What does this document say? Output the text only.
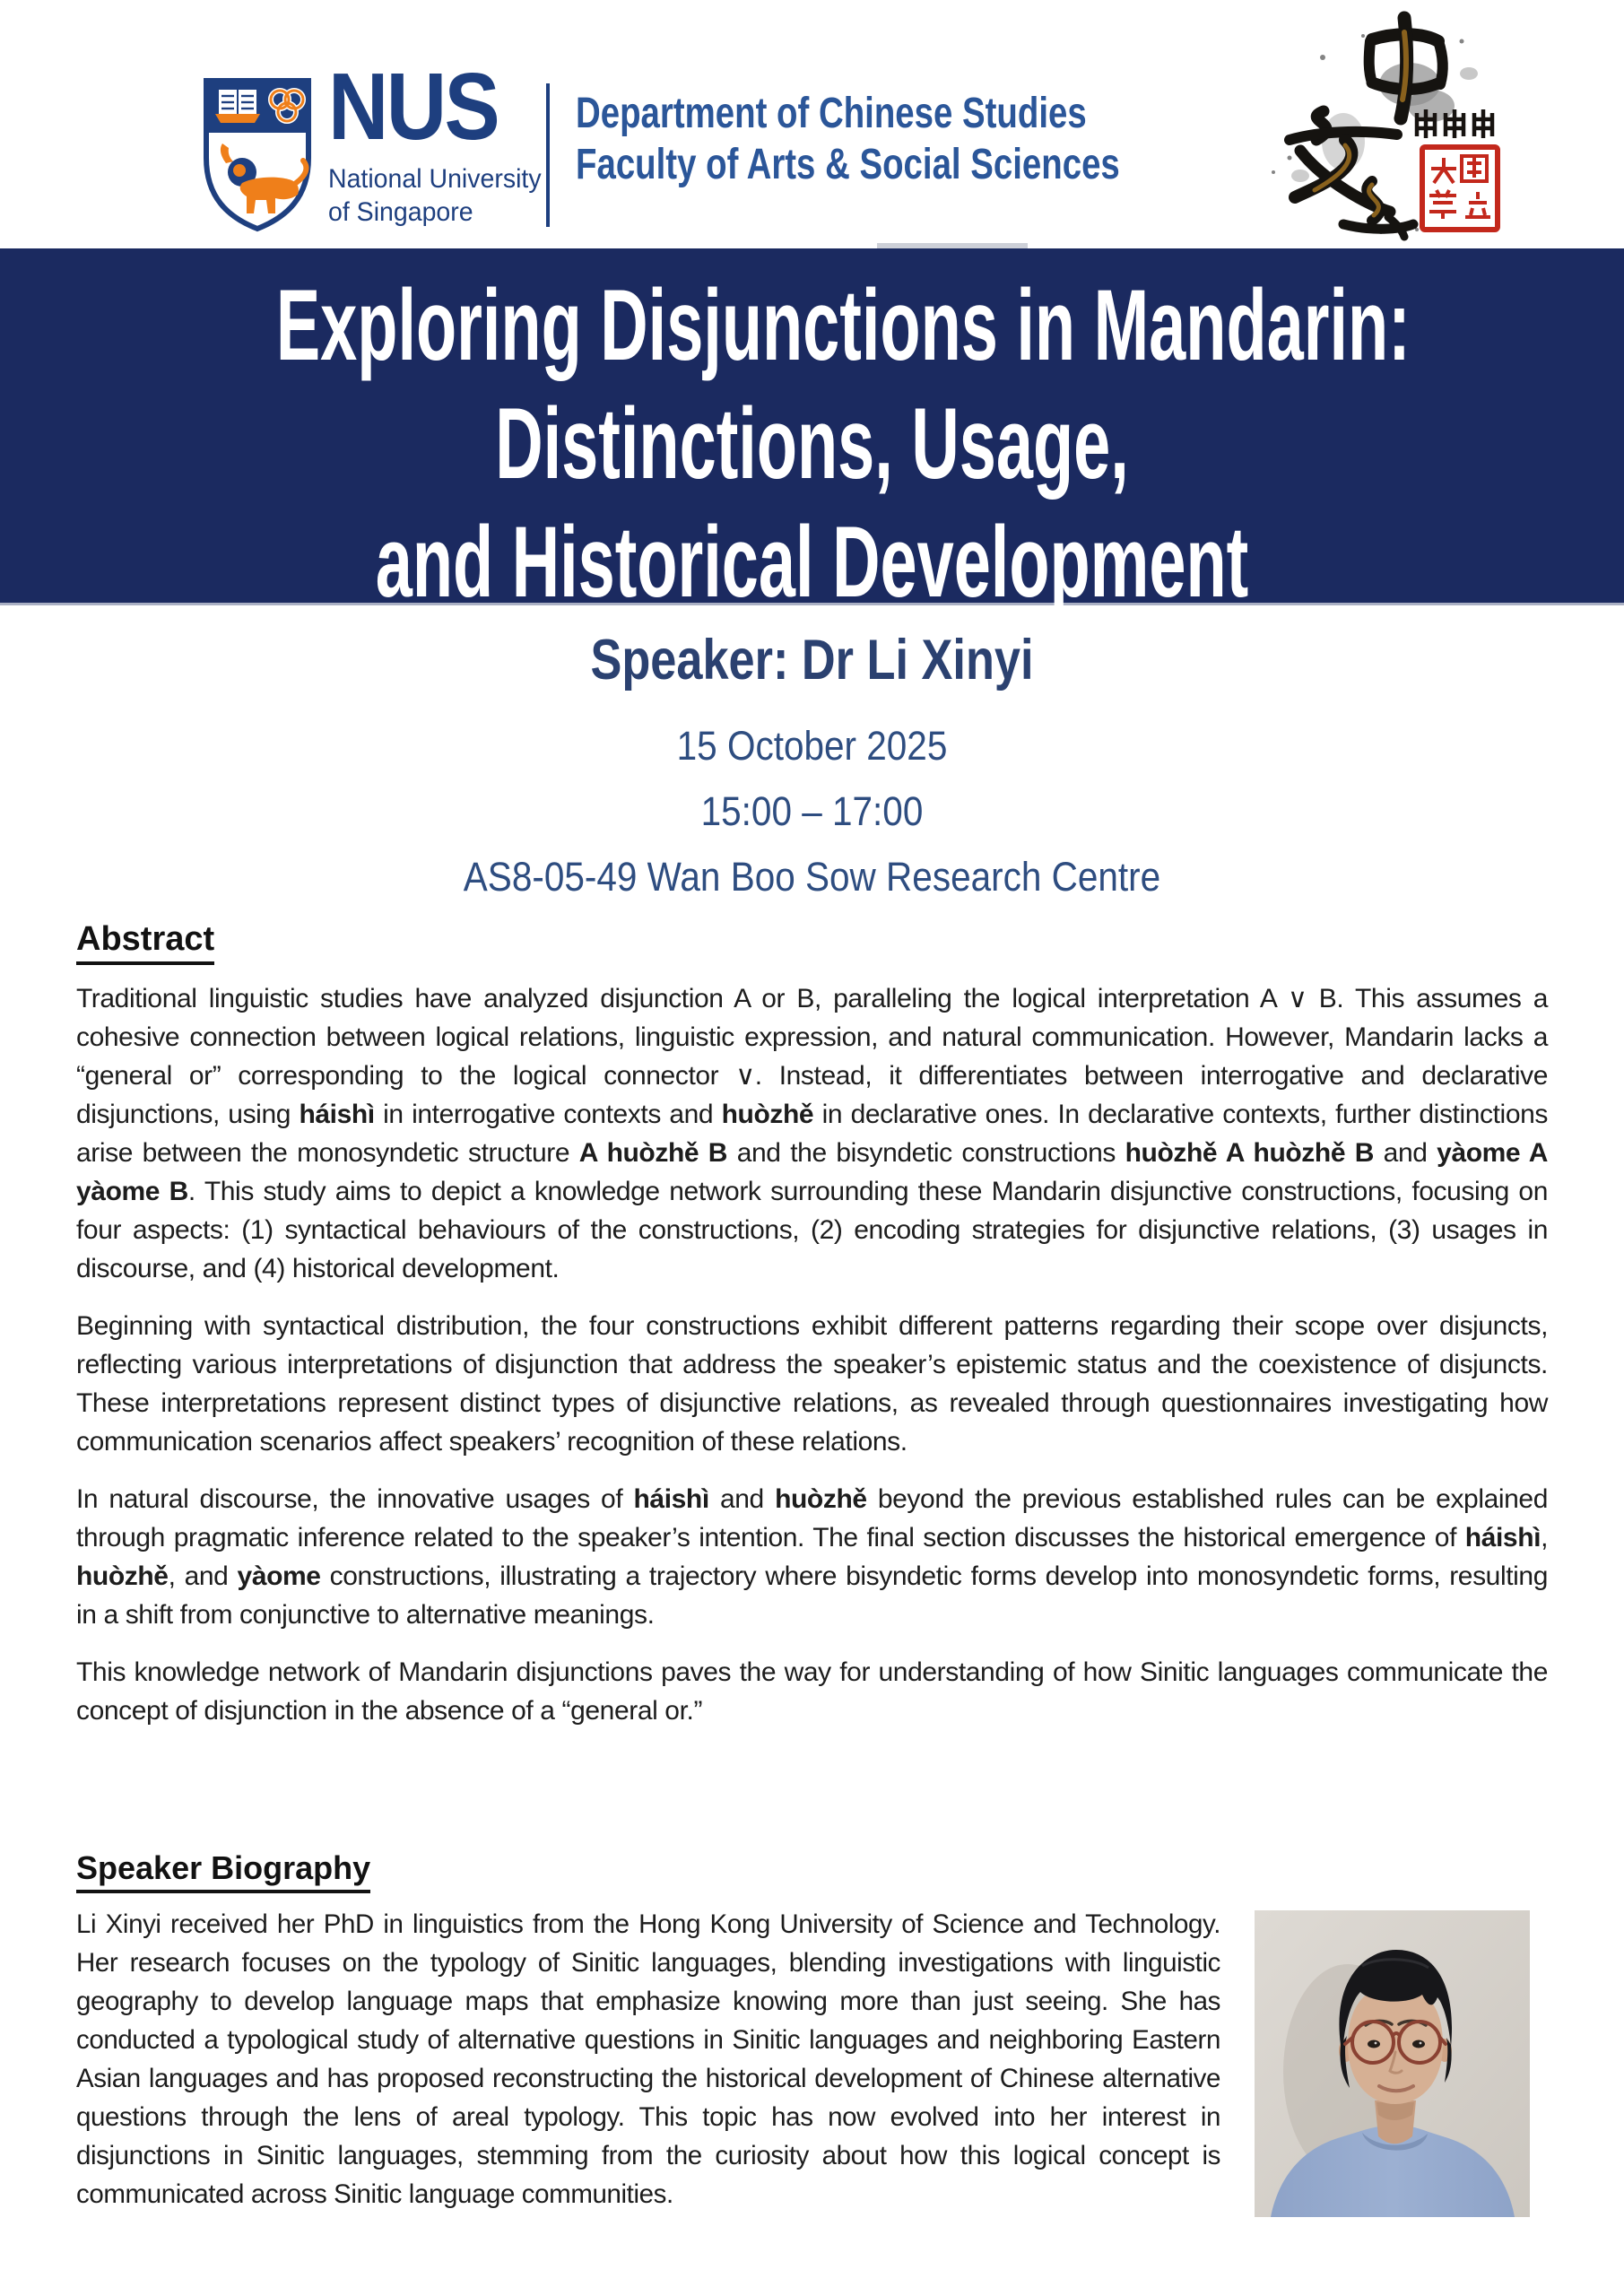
NUS
National University
of Singapore
Department of Chinese Studies
Faculty of Arts & Social Sciences
Exploring Disjunctions in Mandarin:
Distinctions, Usage,
and Historical Development
Speaker: Dr Li Xinyi
15 October 2025
15:00 – 17:00
AS8-05-49 Wan Boo Sow Research Centre
Abstract

Traditional linguistic studies have analyzed disjunction A or B, paralleling the logical interpretation A ∨ B. This assumes a cohesive connection between logical relations, linguistic expression, and natural communication. However, Mandarin lacks a “general or” corresponding to the logical connector ∨. Instead, it differentiates between interrogative and declarative disjunctions, using háishì in interrogative contexts and huòzhě in declarative ones. In declarative contexts, further distinctions arise between the monosyndetic structure A huòzhě B and the bisyndetic constructions huòzhě A huòzhě B and yàome A yàome B. This study aims to depict a knowledge network surrounding these Mandarin disjunctive constructions, focusing on four aspects: (1) syntactical behaviours of the constructions, (2) encoding strategies for disjunctive relations, (3) usages in discourse, and (4) historical development.

Beginning with syntactical distribution, the four constructions exhibit different patterns regarding their scope over disjuncts, reflecting various interpretations of disjunction that address the speaker’s epistemic status and the coexistence of disjuncts. These interpretations represent distinct types of disjunctive relations, as revealed through questionnaires investigating how communication scenarios affect speakers’ recognition of these relations.

In natural discourse, the innovative usages of háishì and huòzhě beyond the previous established rules can be explained through pragmatic inference related to the speaker’s intention. The final section discusses the historical emergence of háishì, huòzhě, and yàome constructions, illustrating a trajectory where bisyndetic forms develop into monosyndetic forms, resulting in a shift from conjunctive to alternative meanings.

This knowledge network of Mandarin disjunctions paves the way for understanding of how Sinitic languages communicate the concept of disjunction in the absence of a “general or.”

Speaker Biography

Li Xinyi received her PhD in linguistics from the Hong Kong University of Science and Technology. Her research focuses on the typology of Sinitic languages, blending investigations with linguistic geography to develop language maps that emphasize knowing more than just seeing. She has conducted a typological study of alternative questions in Sinitic languages and neighboring Eastern Asian languages and has proposed reconstructing the historical development of Chinese alternative questions through the lens of areal typology. This topic has now evolved into her interest in disjunctions in Sinitic languages, stemming from the curiosity about how this logical concept is communicated across Sinitic language communities.
